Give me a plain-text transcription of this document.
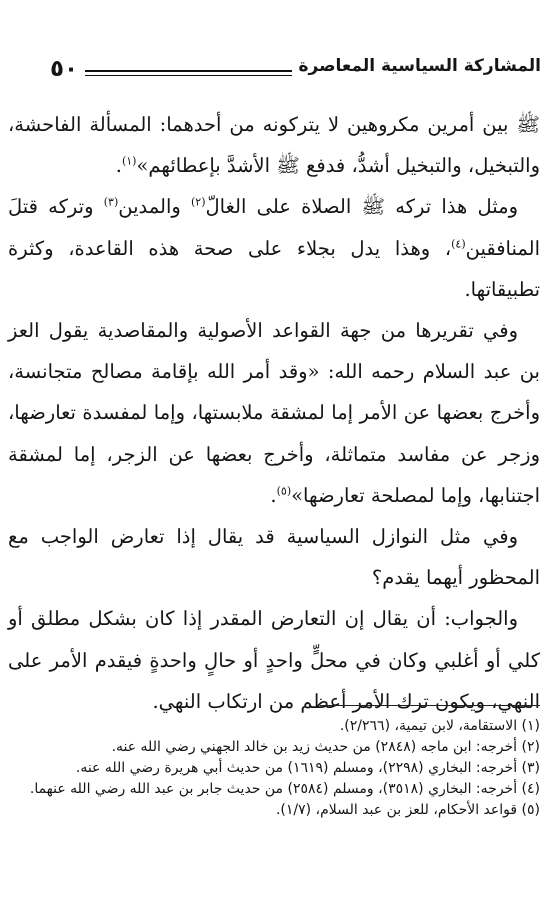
٥٠	المشاركة السياسية المعاصرة

ﷺ بين أمرين مكروهين لا يتركونه من أحدهما: المسألة الفاحشة، والتبخيل، والتبخيل أشدُّ، فدفع ﷺ الأشدَّ بإعطائهم»$^{(١)}$.

ومثل هذا تركه ﷺ الصلاة على الغالّ$^{(٢)}$ والمدين$^{(٣)}$ وتركه قتلَ المنافقين$^{(٤)}$، وهذا يدل بجلاء على صحة هذه القاعدة، وكثرة تطبيقاتها.

وفي تقريرها من جهة القواعد الأصولية والمقاصدية يقول العز بن عبد السلام رحمه الله: «وقد أمر الله بإقامة مصالح متجانسة، وأخرج بعضها عن الأمر إما لمشقة ملابستها، وإما لمفسدة تعارضها، وزجر عن مفاسد متماثلة، وأخرج بعضها عن الزجر، إما لمشقة اجتنابها، وإما لمصلحة تعارضها»$^{(٥)}$.

وفي مثل النوازل السياسية قد يقال إذا تعارض الواجب مع المحظور أيهما يقدم؟

والجواب: أن يقال إن التعارض المقدر إذا كان بشكل مطلق أو كلي أو أغلبي وكان في محلٍّ واحدٍ أو حالٍ واحدةٍ فيقدم الأمر على النهي، ويكون ترك الأمر أعظم من ارتكاب النهي.

(١) الاستقامة، لابن تيمية، (٢/٢٦٦).
(٢) أخرجه: ابن ماجه (٢٨٤٨) من حديث زيد بن خالد الجهني رضي الله عنه.
(٣) أخرجه: البخاري (٢٢٩٨)، ومسلم (١٦١٩) من حديث أبي هريرة رضي الله عنه.
(٤) أخرجه: البخاري (٣٥١٨)، ومسلم (٢٥٨٤) من حديث جابر بن عبد الله رضي الله عنهما.
(٥) قواعد الأحكام، للعز بن عبد السلام، (١/٧).
